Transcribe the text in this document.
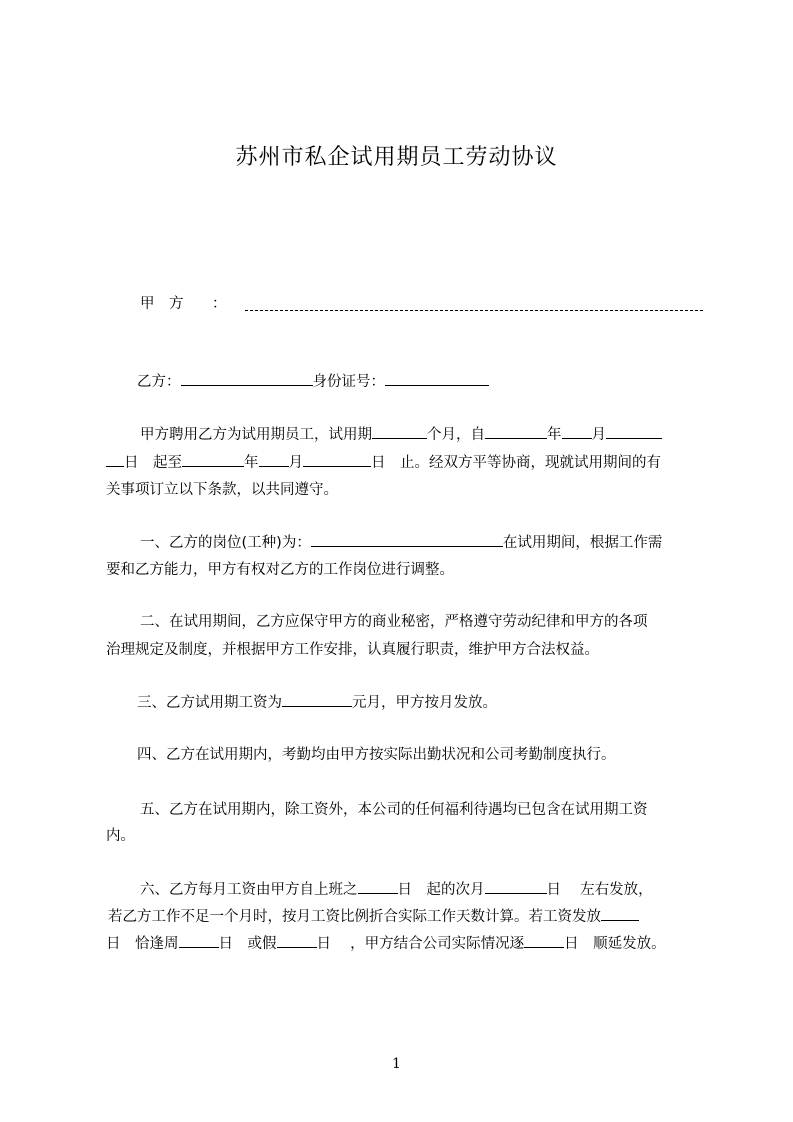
苏州市私企试用期员工劳动协议
甲　方 ：
乙方：	身份证号：
甲方聘用乙方为试用期员工，试用期	个月，自	年 月
日　起至	年 月	日　止。经双方平等协商，现就试用期间的有
关事项订立以下条款，以共同遵守。
一、乙方的岗位(工种)为：	在试用期间，根据工作需
要和乙方能力，甲方有权对乙方的工作岗位进行调整。
二、在试用期间，乙方应保守甲方的商业秘密，严格遵守劳动纪律和甲方的各项
治理规定及制度，并根据甲方工作安排，认真履行职责，维护甲方合法权益。
三、乙方试用期工资为	元月，甲方按月发放。
四、乙方在试用期内，考勤均由甲方按实际出勤状况和公司考勤制度执行。
五、乙方在试用期内，除工资外，本公司的任何福利待遇均已包含在试用期工资
内。
六、乙方每月工资由甲方自上班之	日　起的次月	日　 左右发放，
若乙方工作不足一个月时，按月工资比例折合实际工作天数计算。若工资发放
日　恰逢周	日　或假	日　 ，甲方结合公司实际情况逐	日　顺延发放。
1
